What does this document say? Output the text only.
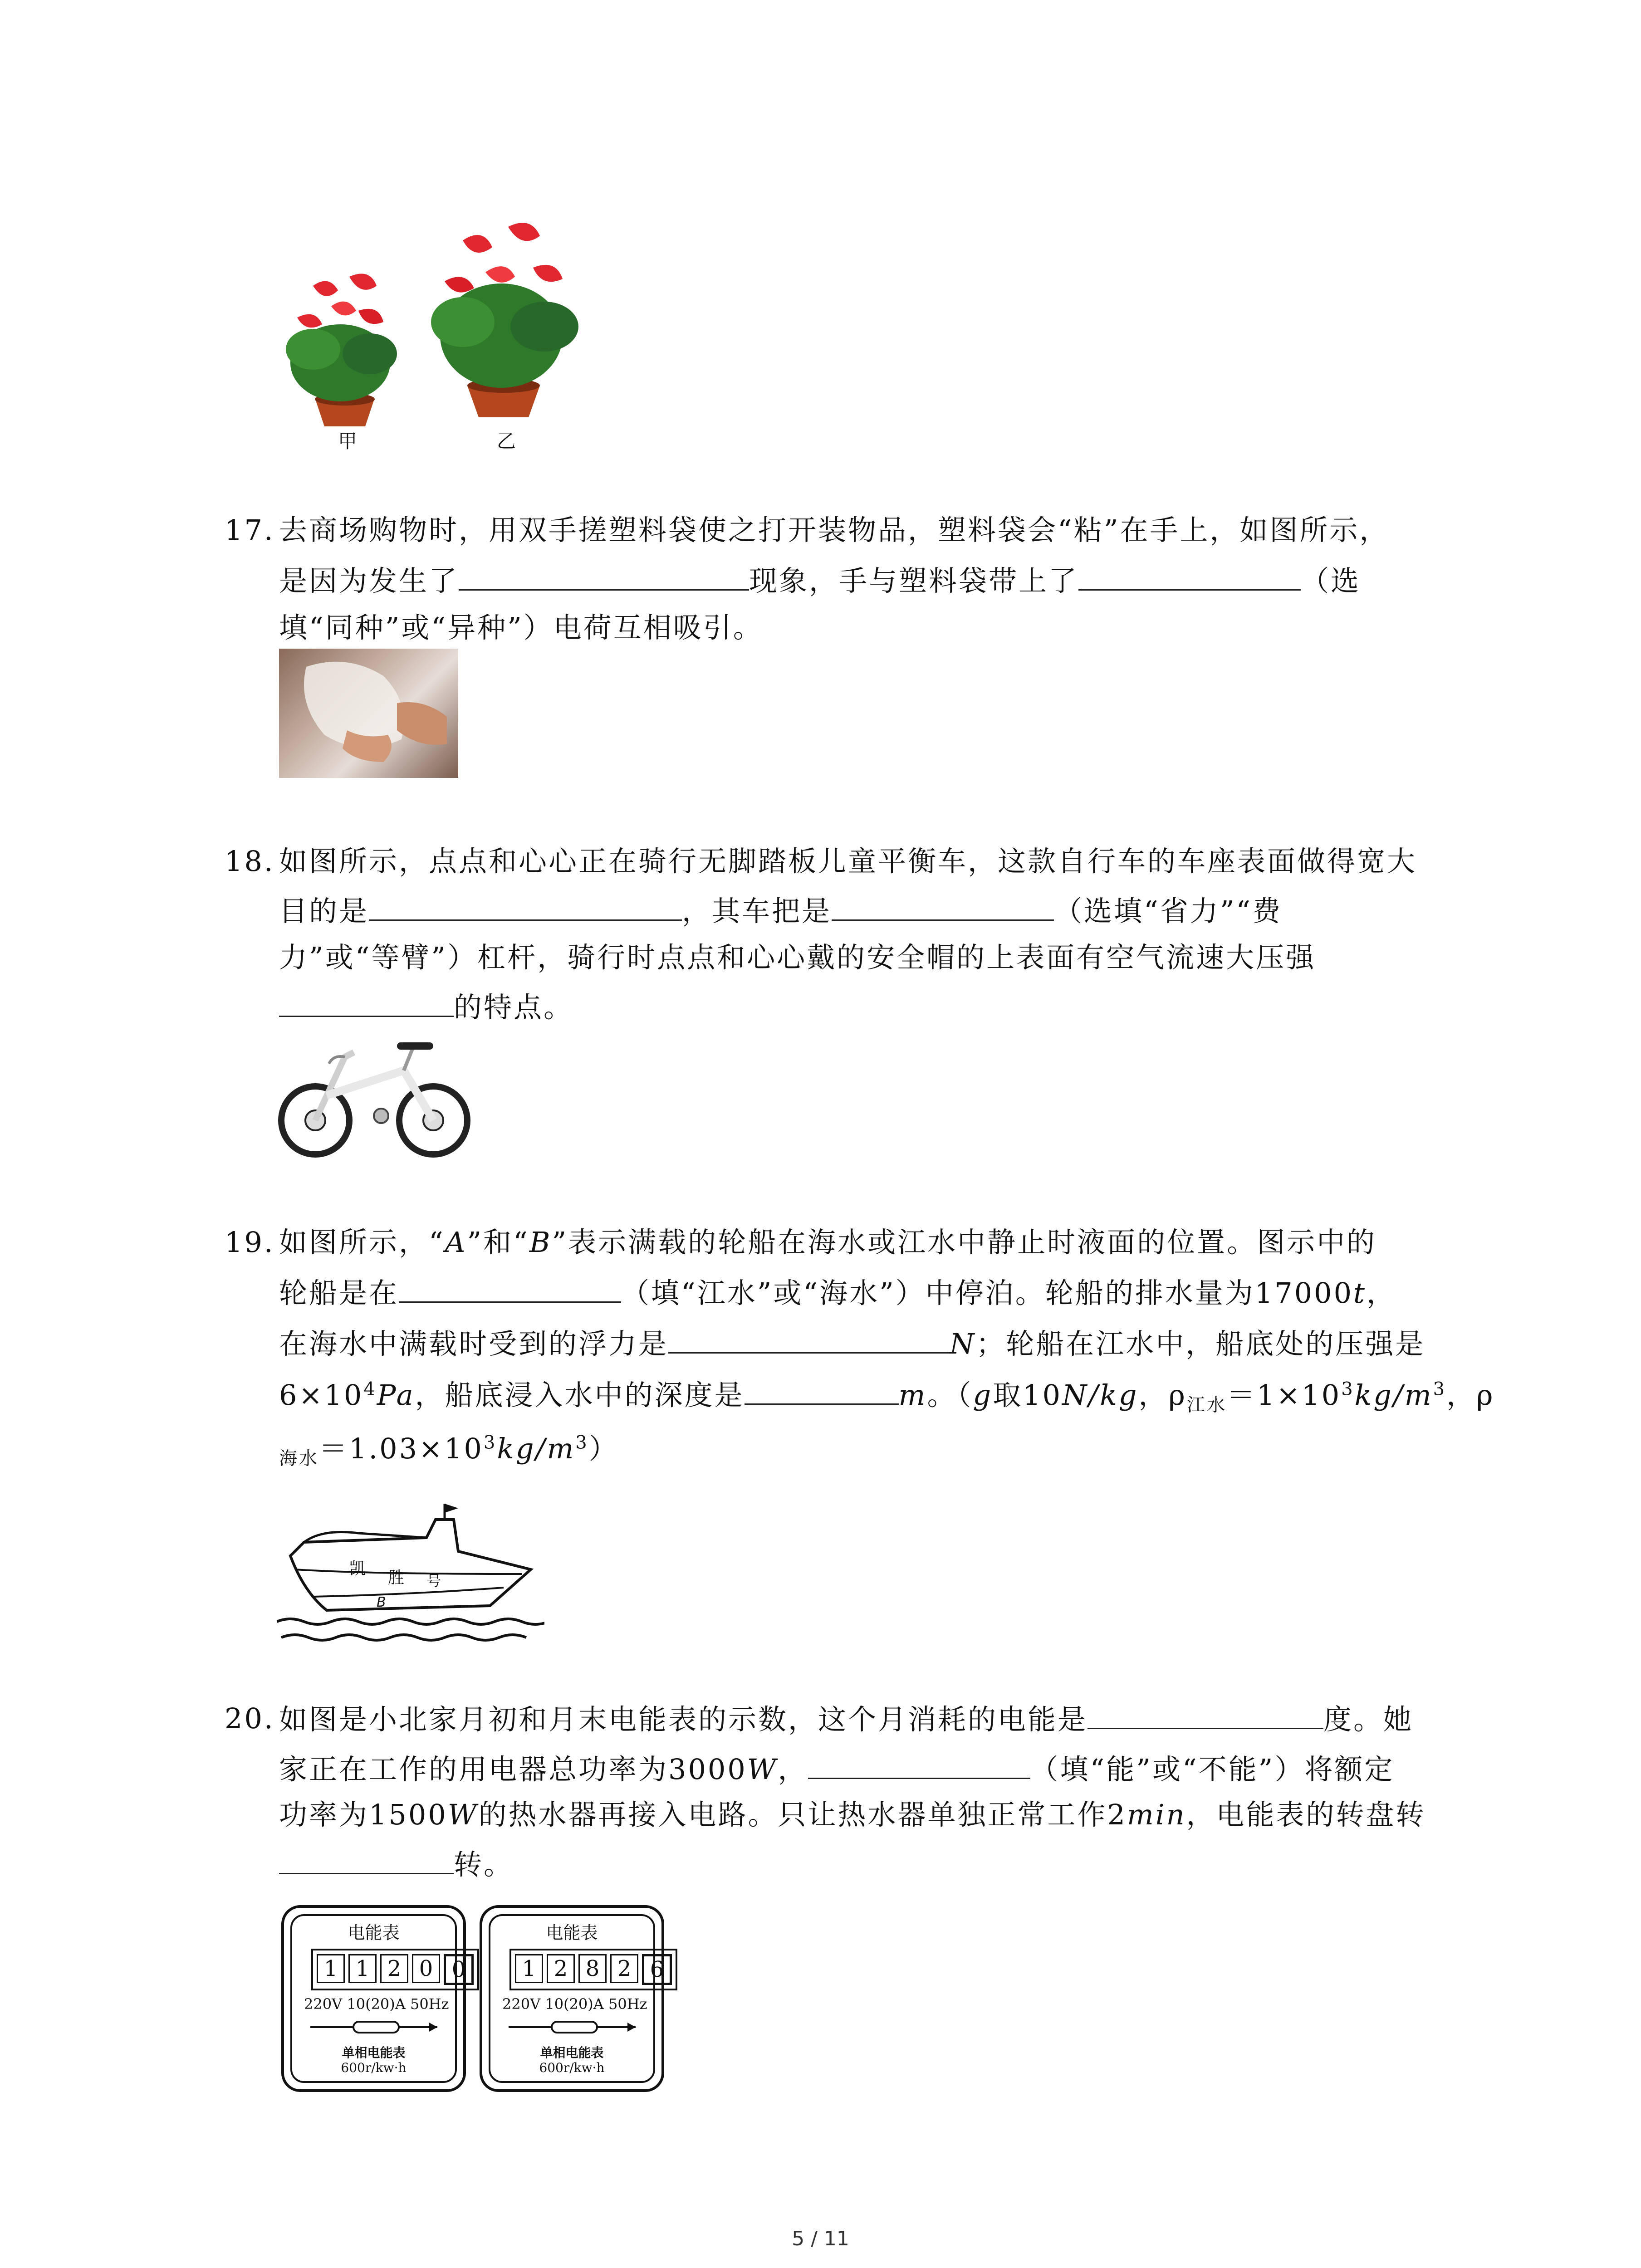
甲	乙
17. 去商场购物时，用双手搓塑料袋使之打开装物品，塑料袋会“粘”在手上，如图所示，
是因为发生了	现象，手与塑料袋带上了	（选
填“同种”或“异种”）电荷互相吸引。
18. 如图所示，点点和心心正在骑行无脚踏板儿童平衡车，这款自行车的车座表面做得宽大
目的是	，其车把是	（选填“省力”“费
力”或“等臂”）杠杆，骑行时点点和心心戴的安全帽的上表面有空气流速大压强
的特点。
19. 如图所示，“A”和“B”表示满载的轮船在海水或江水中静止时液面的位置。图示中的
轮船是在	（填“江水”或“海水”）中停泊。轮船的排水量为17000t，
在海水中满载时受到的浮力是	N；轮船在江水中，船底处的压强是
$6\times 10^4Pa$，船底浸入水中的深度是	m。（g取10N/kg，$\rho_{江水}=1\times 10^3kg/m^3$，ρ
$_{海水}=1.03\times 10^3kg/m^3$）
凯 胜 号
B
20. 如图是小北家月初和月末电能表的示数，这个月消耗的电能是	度。她
家正在工作的用电器总功率为3000W，	（填“能”或“不能”）将额定
功率为1500W的热水器再接入电路。只让热水器单独正常工作2min，电能表的转盘转
转。
电能表
1 1 2 0 0
220V 10(20)A 50Hz
单相电能表
600r/kw·h
电能表
1 2 8 2 6
220V 10(20)A 50Hz
单相电能表
600r/kw·h
5 / 11
